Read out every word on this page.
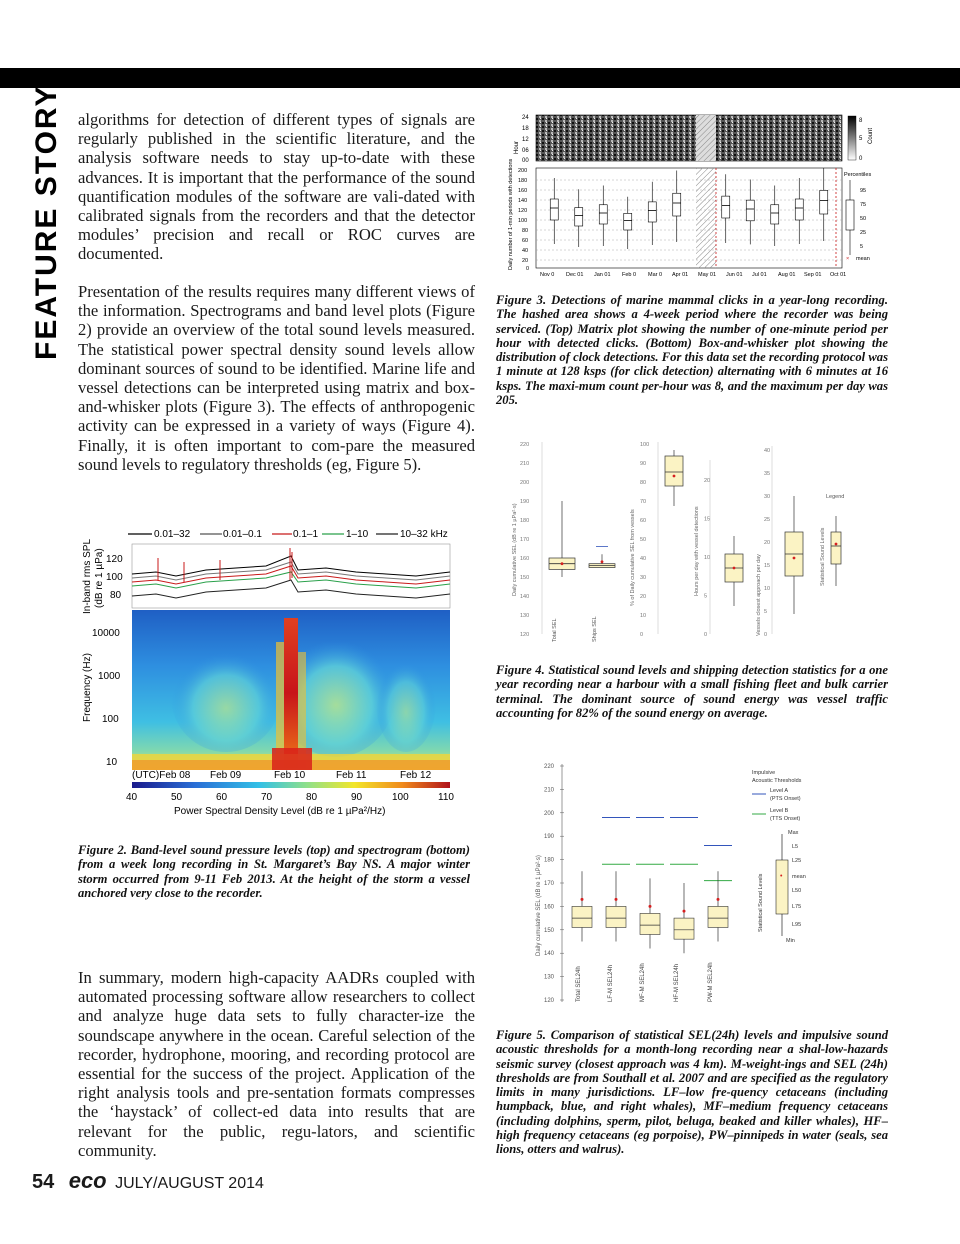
FEATURE STORY algorithms for detection of different types of signals are regularly published in the scientific literature, and the analysis software needs to stay up-to-date with these advances. It is important that the performance of the sound quantification modules of the software are vali-dated with calibrated signals from the recorders and that the detector modules’ precision and recall or ROC curves are documented.

Presentation of the results requires many different views of the information. Spectrograms and band level plots (Figure 2) provide an overview of the total sound levels measured. The statistical power spectral density sound levels allow dominant sources of sound to be identified. Marine life and vessel detections can be interpreted using matrix and box-and-whisker plots (Figure 3). The effects of anthropogenic activity can be expressed in a variety of ways (Figure 4). Finally, it is often important to com-pare the measured sound levels to regulatory thresholds (eg, Figure 5).

In summary, modern high-capacity AADRs coupled with automated processing software allow researchers to collect and analyze huge data sets to fully character-ize the soundscape anywhere in the ocean. Careful selection of the recorder, hydrophone, mooring, and recording protocol are essential for the success of the project. Application of the right analysis tools and pre-sentation formats compresses the ‘haystack’ of collect-ed data into results that are relevant for the public, regu-lators, and scientific community.

0.01–32	0.01–0.1	0.1–1	1–10	10–32 kHz
In-band rms SPL (dB re 1 µPa) 120
100
80
Frequency (Hz)
10000
1000
100
10
(UTC)Feb 08 Feb 09	Feb 10	Feb 11	Feb 12
40	50	60	70	80	90	100	110
Power Spectral Density Level (dB re 1 µPa²/Hz)

Figure 2. Band-level sound pressure levels (top) and spectrogram (bottom) from a week long recording in St. Margaret’s Bay NS. A major winter storm occurred from 9-11 Feb 2013. At the height of the storm a vessel anchored very close to the recorder.

Hour
24
18
12
06
00
8
5
0
Count
Daily number of 1-min periods with detections 200
180
160
140
120
100
80
60
40
20
0
Nov 0 Dec 01 Jan 01 Feb 0 Mar 0 Apr 01 May 01 Jun 01 Jul 01 Aug 01 Sep 01 Oct 01
Percentiles
95
75
50
25
5
× mean

Figure 3. Detections of marine mammal clicks in a year-long recording. The hashed area shows a 4-week period where the recorder was being serviced. (Top) Matrix plot showing the number of one-minute period per hour with detected clicks. (Bottom) Box-and-whisker plot showing the distribution of clock detections. For this data set the recording protocol was 1 minute at 128 ksps (for click detection) alternating with 6 minutes at 16 ksps. The maxi-mum count per-hour was 8, and the maximum per day was 205.

Daily cumulative SEL (dB re 1 µPa²·s)	% of Daily cumulative SEL from vessels	Hours per day with vessel detections	Vessels closest approach per day	Statistical Sound Levels
220
210
200
190
180
170
160
150
140
130
120
100
90
80
70
60
50
40
30
20
10
0
20
15
10
5
0
40
35
30
25
20
15
10
5
0
Total SEL	Ships SEL
Legend

Figure 4. Statistical sound levels and shipping detection statistics for a one year recording near a harbour with a small fishing fleet and bulk carrier terminal. The dominant source of sound energy was vessel traffic accounting for 82% of the sound energy on average.

Daily cumulative SEL (dB re 1 µPa²·s)
220
210
200
190
180
170
160
150
140
130
120	Total SEL24h	LF-M SEL24h	MF-M SEL24h	HF-M SEL24h	PW-M SEL24h
Impulsive
Acoustic Thresholds
Level A
(PTS Onset)
Level B
(TTS Onset)
Statistical Sound Levels •
Max
L5
L25
mean
L50
L75
L95
Min

Figure 5. Comparison of statistical SEL(24h) levels and impulsive sound acoustic thresholds for a month-long recording near a shal-low-hazards seismic survey (closest approach was 4 km). M-weight-ings and SEL (24h) thresholds are from Southall et al. 2007 and are specified as the regulatory limits in many jurisdictions. LF–low fre-quency cetaceans (including humpback, blue, and right whales), MF–medium frequency cetaceans (including dolphins, sperm, pilot, beluga, beaked and killer whales), HF–high frequency cetaceans (eg porpoise), PW–pinnipeds in water (seals, sea lions, otters and walrus).

54 eco JULY/AUGUST 2014
